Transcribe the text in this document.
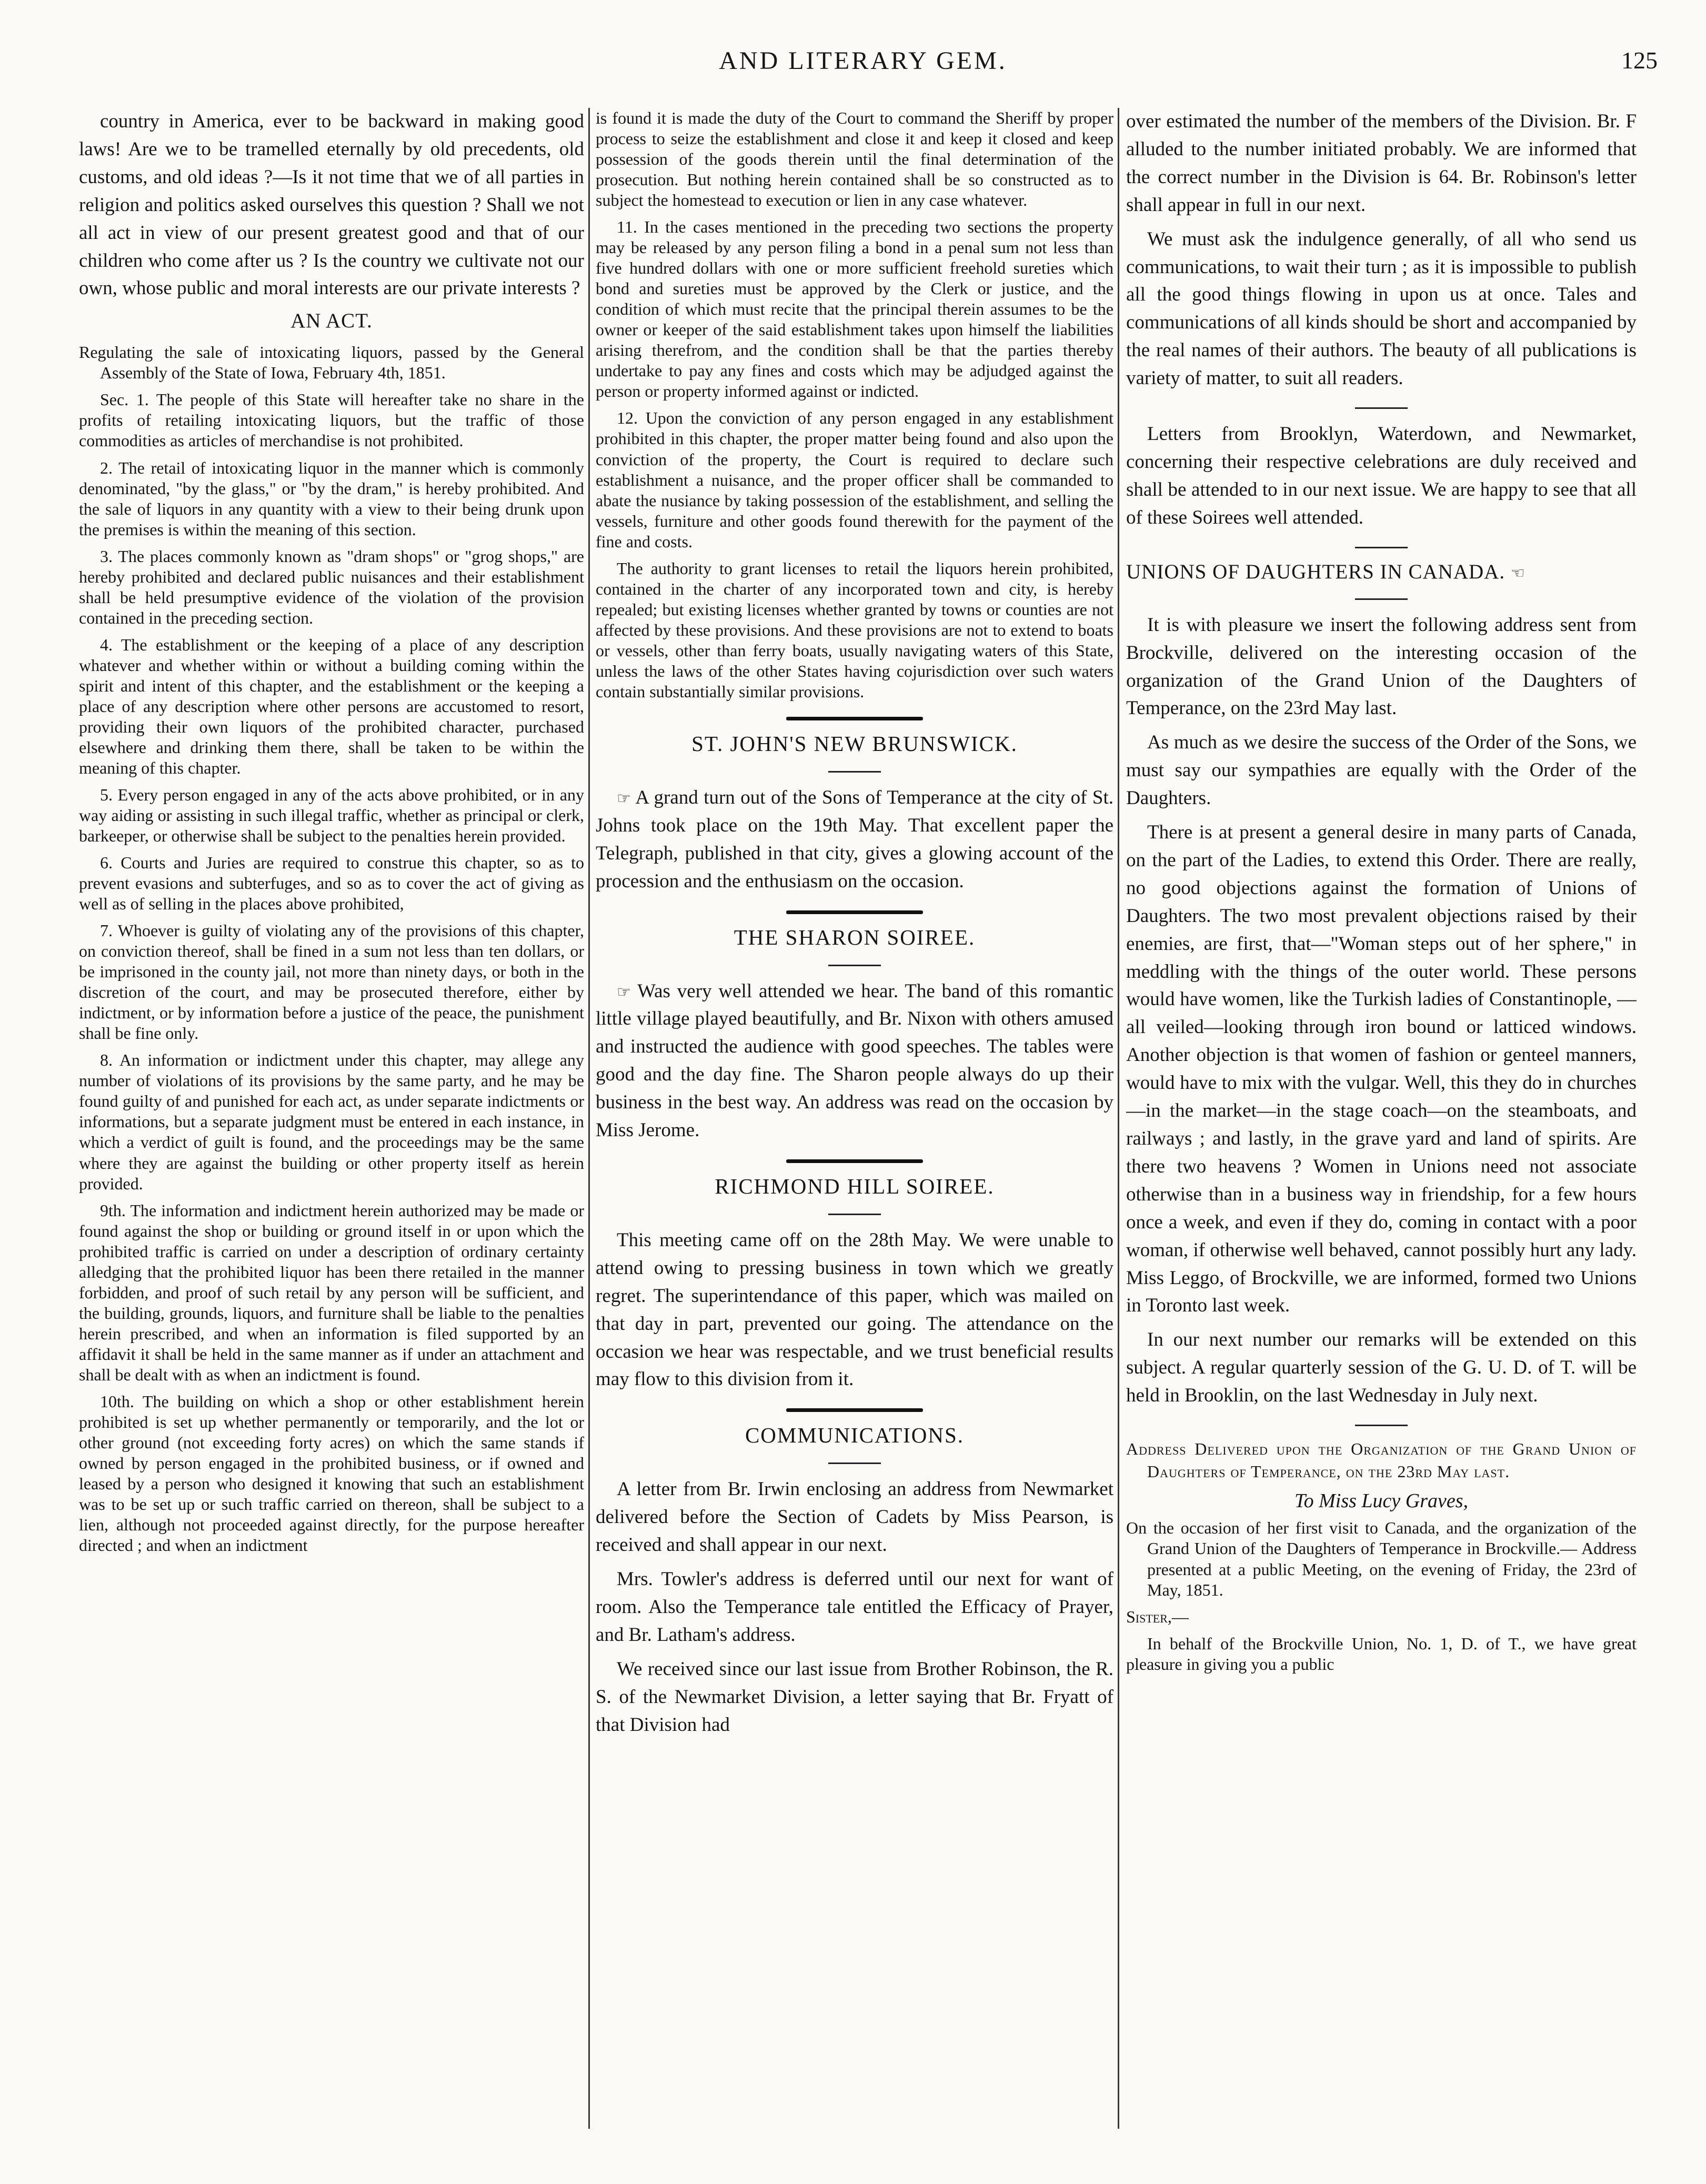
AND LITERARY GEM.	125

country in America, ever to be backward in making good laws! Are we to be tramelled eternally by old precedents, old customs, and old ideas ?—Is it not time that we of all parties in religion and politics asked ourselves this question ? Shall we not all act in view of our present greatest good and that of our children who come after us ? Is the country we cultivate not our own, whose public and moral interests are our private interests ?

AN ACT.

Regulating the sale of intoxicating liquors, passed by the General Assembly of the State of Iowa, February 4th, 1851.

Sec. 1. The people of this State will hereafter take no share in the profits of retailing intoxicating liquors, but the traffic of those commodities as articles of merchandise is not prohibited.

2. The retail of intoxicating liquor in the manner which is commonly denominated, "by the glass," or "by the dram," is hereby prohibited. And the sale of liquors in any quantity with a view to their being drunk upon the premises is within the meaning of this section.

3. The places commonly known as "dram shops" or "grog shops," are hereby prohibited and declared public nuisances and their establishment shall be held presumptive evidence of the violation of the provision contained in the preceding section.

4. The establishment or the keeping of a place of any description whatever and whether within or without a building coming within the spirit and intent of this chapter, and the establishment or the keeping a place of any description where other persons are accustomed to resort, providing their own liquors of the prohibited character, purchased elsewhere and drinking them there, shall be taken to be within the meaning of this chapter.

5. Every person engaged in any of the acts above prohibited, or in any way aiding or assisting in such illegal traffic, whether as principal or clerk, barkeeper, or otherwise shall be subject to the penalties herein provided.

6. Courts and Juries are required to construe this chapter, so as to prevent evasions and subterfuges, and so as to cover the act of giving as well as of selling in the places above prohibited,

7. Whoever is guilty of violating any of the provisions of this chapter, on conviction thereof, shall be fined in a sum not less than ten dollars, or be imprisoned in the county jail, not more than ninety days, or both in the discretion of the court, and may be prosecuted therefore, either by indictment, or by information before a justice of the peace, the punishment shall be fine only.

8. An information or indictment under this chapter, may allege any number of violations of its provisions by the same party, and he may be found guilty of and punished for each act, as under separate indictments or informations, but a separate judgment must be entered in each instance, in which a verdict of guilt is found, and the proceedings may be the same where they are against the building or other property itself as herein provided.

9th. The information and indictment herein authorized may be made or found against the shop or building or ground itself in or upon which the prohibited traffic is carried on under a description of ordinary certainty alledging that the prohibited liquor has been there retailed in the manner forbidden, and proof of such retail by any person will be sufficient, and the building, grounds, liquors, and furniture shall be liable to the penalties herein prescribed, and when an information is filed supported by an affidavit it shall be held in the same manner as if under an attachment and shall be dealt with as when an indictment is found.

10th. The building on which a shop or other establishment herein prohibited is set up whether permanently or temporarily, and the lot or other ground (not exceeding forty acres) on which the same stands if owned by person engaged in the prohibited business, or if owned and leased by a person who designed it knowing that such an establishment was to be set up or such traffic carried on thereon, shall be subject to a lien, although not proceeded against directly, for the purpose hereafter directed ; and when an indictment

is found it is made the duty of the Court to command the Sheriff by proper process to seize the establishment and close it and keep it closed and keep possession of the goods therein until the final determination of the prosecution. But nothing herein contained shall be so constructed as to subject the homestead to execution or lien in any case whatever.

11. In the cases mentioned in the preceding two sections the property may be released by any person filing a bond in a penal sum not less than five hundred dollars with one or more sufficient freehold sureties which bond and sureties must be approved by the Clerk or justice, and the condition of which must recite that the principal therein assumes to be the owner or keeper of the said establishment takes upon himself the liabilities arising therefrom, and the condition shall be that the parties thereby undertake to pay any fines and costs which may be adjudged against the person or property informed against or indicted.

12. Upon the conviction of any person engaged in any establishment prohibited in this chapter, the proper matter being found and also upon the conviction of the property, the Court is required to declare such establishment a nuisance, and the proper officer shall be commanded to abate the nusiance by taking possession of the establishment, and selling the vessels, furniture and other goods found therewith for the payment of the fine and costs.

The authority to grant licenses to retail the liquors herein prohibited, contained in the charter of any incorporated town and city, is hereby repealed; but existing licenses whether granted by towns or counties are not affected by these provisions. And these provisions are not to extend to boats or vessels, other than ferry boats, usually navigating waters of this State, unless the laws of the other States having cojurisdiction over such waters contain substantially similar provisions.

ST. JOHN'S NEW BRUNSWICK.

☞ A grand turn out of the Sons of Temperance at the city of St. Johns took place on the 19th May. That excellent paper the Telegraph, published in that city, gives a glowing account of the procession and the enthusiasm on the occasion.

THE SHARON SOIREE.

☞ Was very well attended we hear. The band of this romantic little village played beautifully, and Br. Nixon with others amused and instructed the audience with good speeches. The tables were good and the day fine. The Sharon people always do up their business in the best way. An address was read on the occasion by Miss Jerome.

RICHMOND HILL SOIREE.

This meeting came off on the 28th May. We were unable to attend owing to pressing business in town which we greatly regret. The superintendance of this paper, which was mailed on that day in part, prevented our going. The attendance on the occasion we hear was respectable, and we trust beneficial results may flow to this division from it.

COMMUNICATIONS.

A letter from Br. Irwin enclosing an address from Newmarket delivered before the Section of Cadets by Miss Pearson, is received and shall appear in our next.

Mrs. Towler's address is deferred until our next for want of room. Also the Temperance tale entitled the Efficacy of Prayer, and Br. Latham's address.

We received since our last issue from Brother Robinson, the R. S. of the Newmarket Division, a letter saying that Br. Fryatt of that Division had

over estimated the number of the members of the Division. Br. F alluded to the number initiated probably. We are informed that the correct number in the Division is 64. Br. Robinson's letter shall appear in full in our next.

We must ask the indulgence generally, of all who send us communications, to wait their turn ; as it is impossible to publish all the good things flowing in upon us at once. Tales and communications of all kinds should be short and accompanied by the real names of their authors. The beauty of all publications is variety of matter, to suit all readers.

Letters from Brooklyn, Waterdown, and Newmarket, concerning their respective celebrations are duly received and shall be attended to in our next issue. We are happy to see that all of these Soirees well attended.

UNIONS OF DAUGHTERS IN CANADA. ☜

It is with pleasure we insert the following address sent from Brockville, delivered on the interesting occasion of the organization of the Grand Union of the Daughters of Temperance, on the 23rd May last.

As much as we desire the success of the Order of the Sons, we must say our sympathies are equally with the Order of the Daughters.

There is at present a general desire in many parts of Canada, on the part of the Ladies, to extend this Order. There are really, no good objections against the formation of Unions of Daughters. The two most prevalent objections raised by their enemies, are first, that—"Woman steps out of her sphere," in meddling with the things of the outer world. These persons would have women, like the Turkish ladies of Constantinople, —all veiled—looking through iron bound or latticed windows. Another objection is that women of fashion or genteel manners, would have to mix with the vulgar. Well, this they do in churches —in the market—in the stage coach—on the steamboats, and railways ; and lastly, in the grave yard and land of spirits. Are there two heavens ? Women in Unions need not associate otherwise than in a business way in friendship, for a few hours once a week, and even if they do, coming in contact with a poor woman, if otherwise well behaved, cannot possibly hurt any lady. Miss Leggo, of Brockville, we are informed, formed two Unions in Toronto last week.

In our next number our remarks will be extended on this subject. A regular quarterly session of the G. U. D. of T. will be held in Brooklin, on the last Wednesday in July next.

Address Delivered upon the Organization of the Grand Union of Daughters of Temperance, on the 23rd May last.

To Miss Lucy Graves,

On the occasion of her first visit to Canada, and the organization of the Grand Union of the Daughters of Temperance in Brockville.— Address presented at a public Meeting, on the evening of Friday, the 23rd of May, 1851.

Sister,—

In behalf of the Brockville Union, No. 1, D. of T., we have great pleasure in giving you a public
